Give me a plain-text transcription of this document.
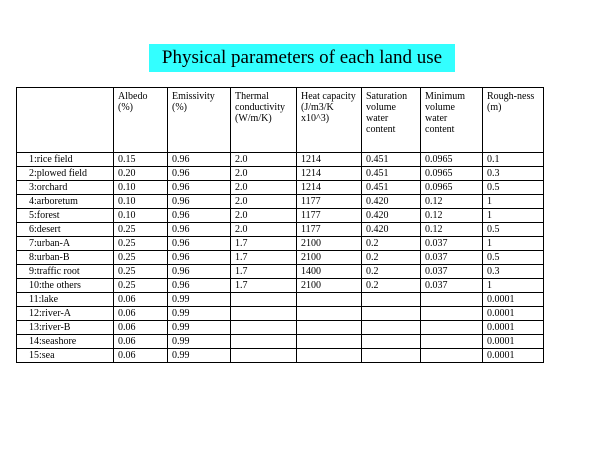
Physical parameters of each land use
	Albedo (%)	Emissivity (%)	Thermal conductivity (W/m/K)	Heat capacity (J/m3/K x10^3)	Saturation volume water content	Minimum volume water content	Rough-ness (m)
1:rice field	0.15	0.96	2.0	1214	0.451	0.0965	0.1
2:plowed field	0.20	0.96	2.0	1214	0.451	0.0965	0.3
3:orchard	0.10	0.96	2.0	1214	0.451	0.0965	0.5
4:arboretum	0.10	0.96	2.0	1177	0.420	0.12	1
5:forest	0.10	0.96	2.0	1177	0.420	0.12	1
6:desert	0.25	0.96	2.0	1177	0.420	0.12	0.5
7:urban-A	0.25	0.96	1.7	2100	0.2	0.037	1
8:urban-B	0.25	0.96	1.7	2100	0.2	0.037	0.5
9:traffic root	0.25	0.96	1.7	1400	0.2	0.037	0.3
10:the others	0.25	0.96	1.7	2100	0.2	0.037	1
11:lake	0.06	0.99					0.0001
12:river-A	0.06	0.99					0.0001
13:river-B	0.06	0.99					0.0001
14:seashore	0.06	0.99					0.0001
15:sea	0.06	0.99					0.0001
